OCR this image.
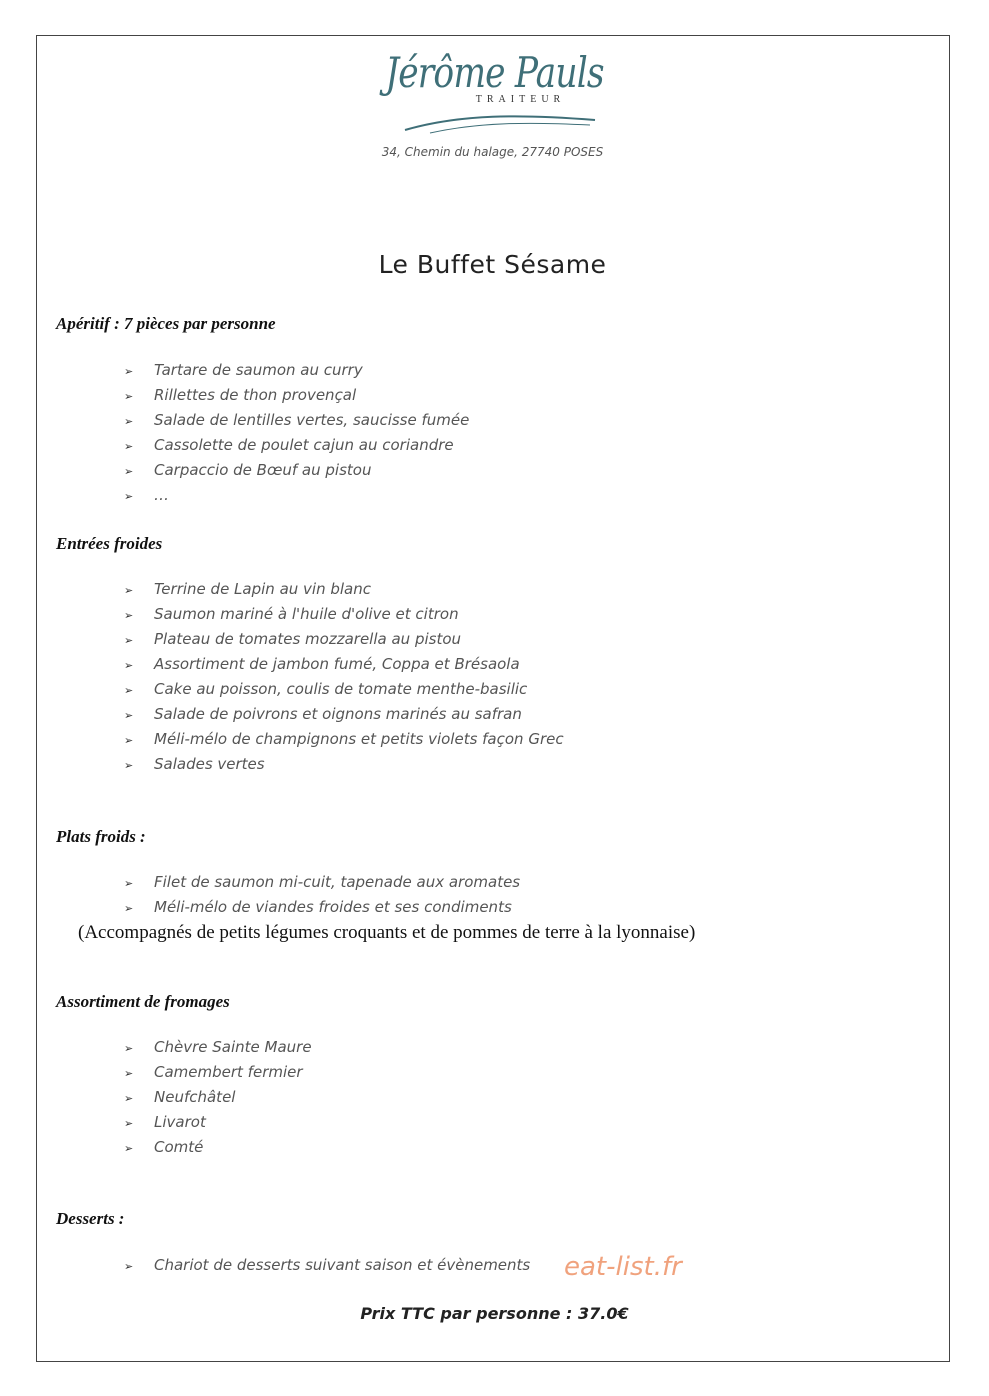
Jérôme Pauls
TRAITEUR
34, Chemin du halage, 27740 POSES
Le Buffet Sésame
Apéritif : 7 pièces par personne
➢ Tartare de saumon au curry
➢ Rillettes de thon provençal
➢ Salade de lentilles vertes, saucisse fumée
➢ Cassolette de poulet cajun au coriandre
➢ Carpaccio de Bœuf au pistou
➢ …
Entrées froides
➢ Terrine de Lapin au vin blanc
➢ Saumon mariné à l'huile d'olive et citron
➢ Plateau de tomates mozzarella au pistou
➢ Assortiment de jambon fumé, Coppa et Brésaola
➢ Cake au poisson, coulis de tomate menthe-basilic
➢ Salade de poivrons et oignons marinés au safran
➢ Méli-mélo de champignons et petits violets façon Grec
➢ Salades vertes
Plats froids :
➢ Filet de saumon mi-cuit, tapenade aux aromates
➢ Méli-mélo de viandes froides et ses condiments
(Accompagnés de petits légumes croquants et de pommes de terre à la lyonnaise)
Assortiment de fromages
➢ Chèvre Sainte Maure
➢ Camembert fermier
➢ Neufchâtel
➢ Livarot
➢ Comté
Desserts :
➢ Chariot de desserts suivant saison et évènements eat-list.fr
Prix TTC par personne : 37.0€
